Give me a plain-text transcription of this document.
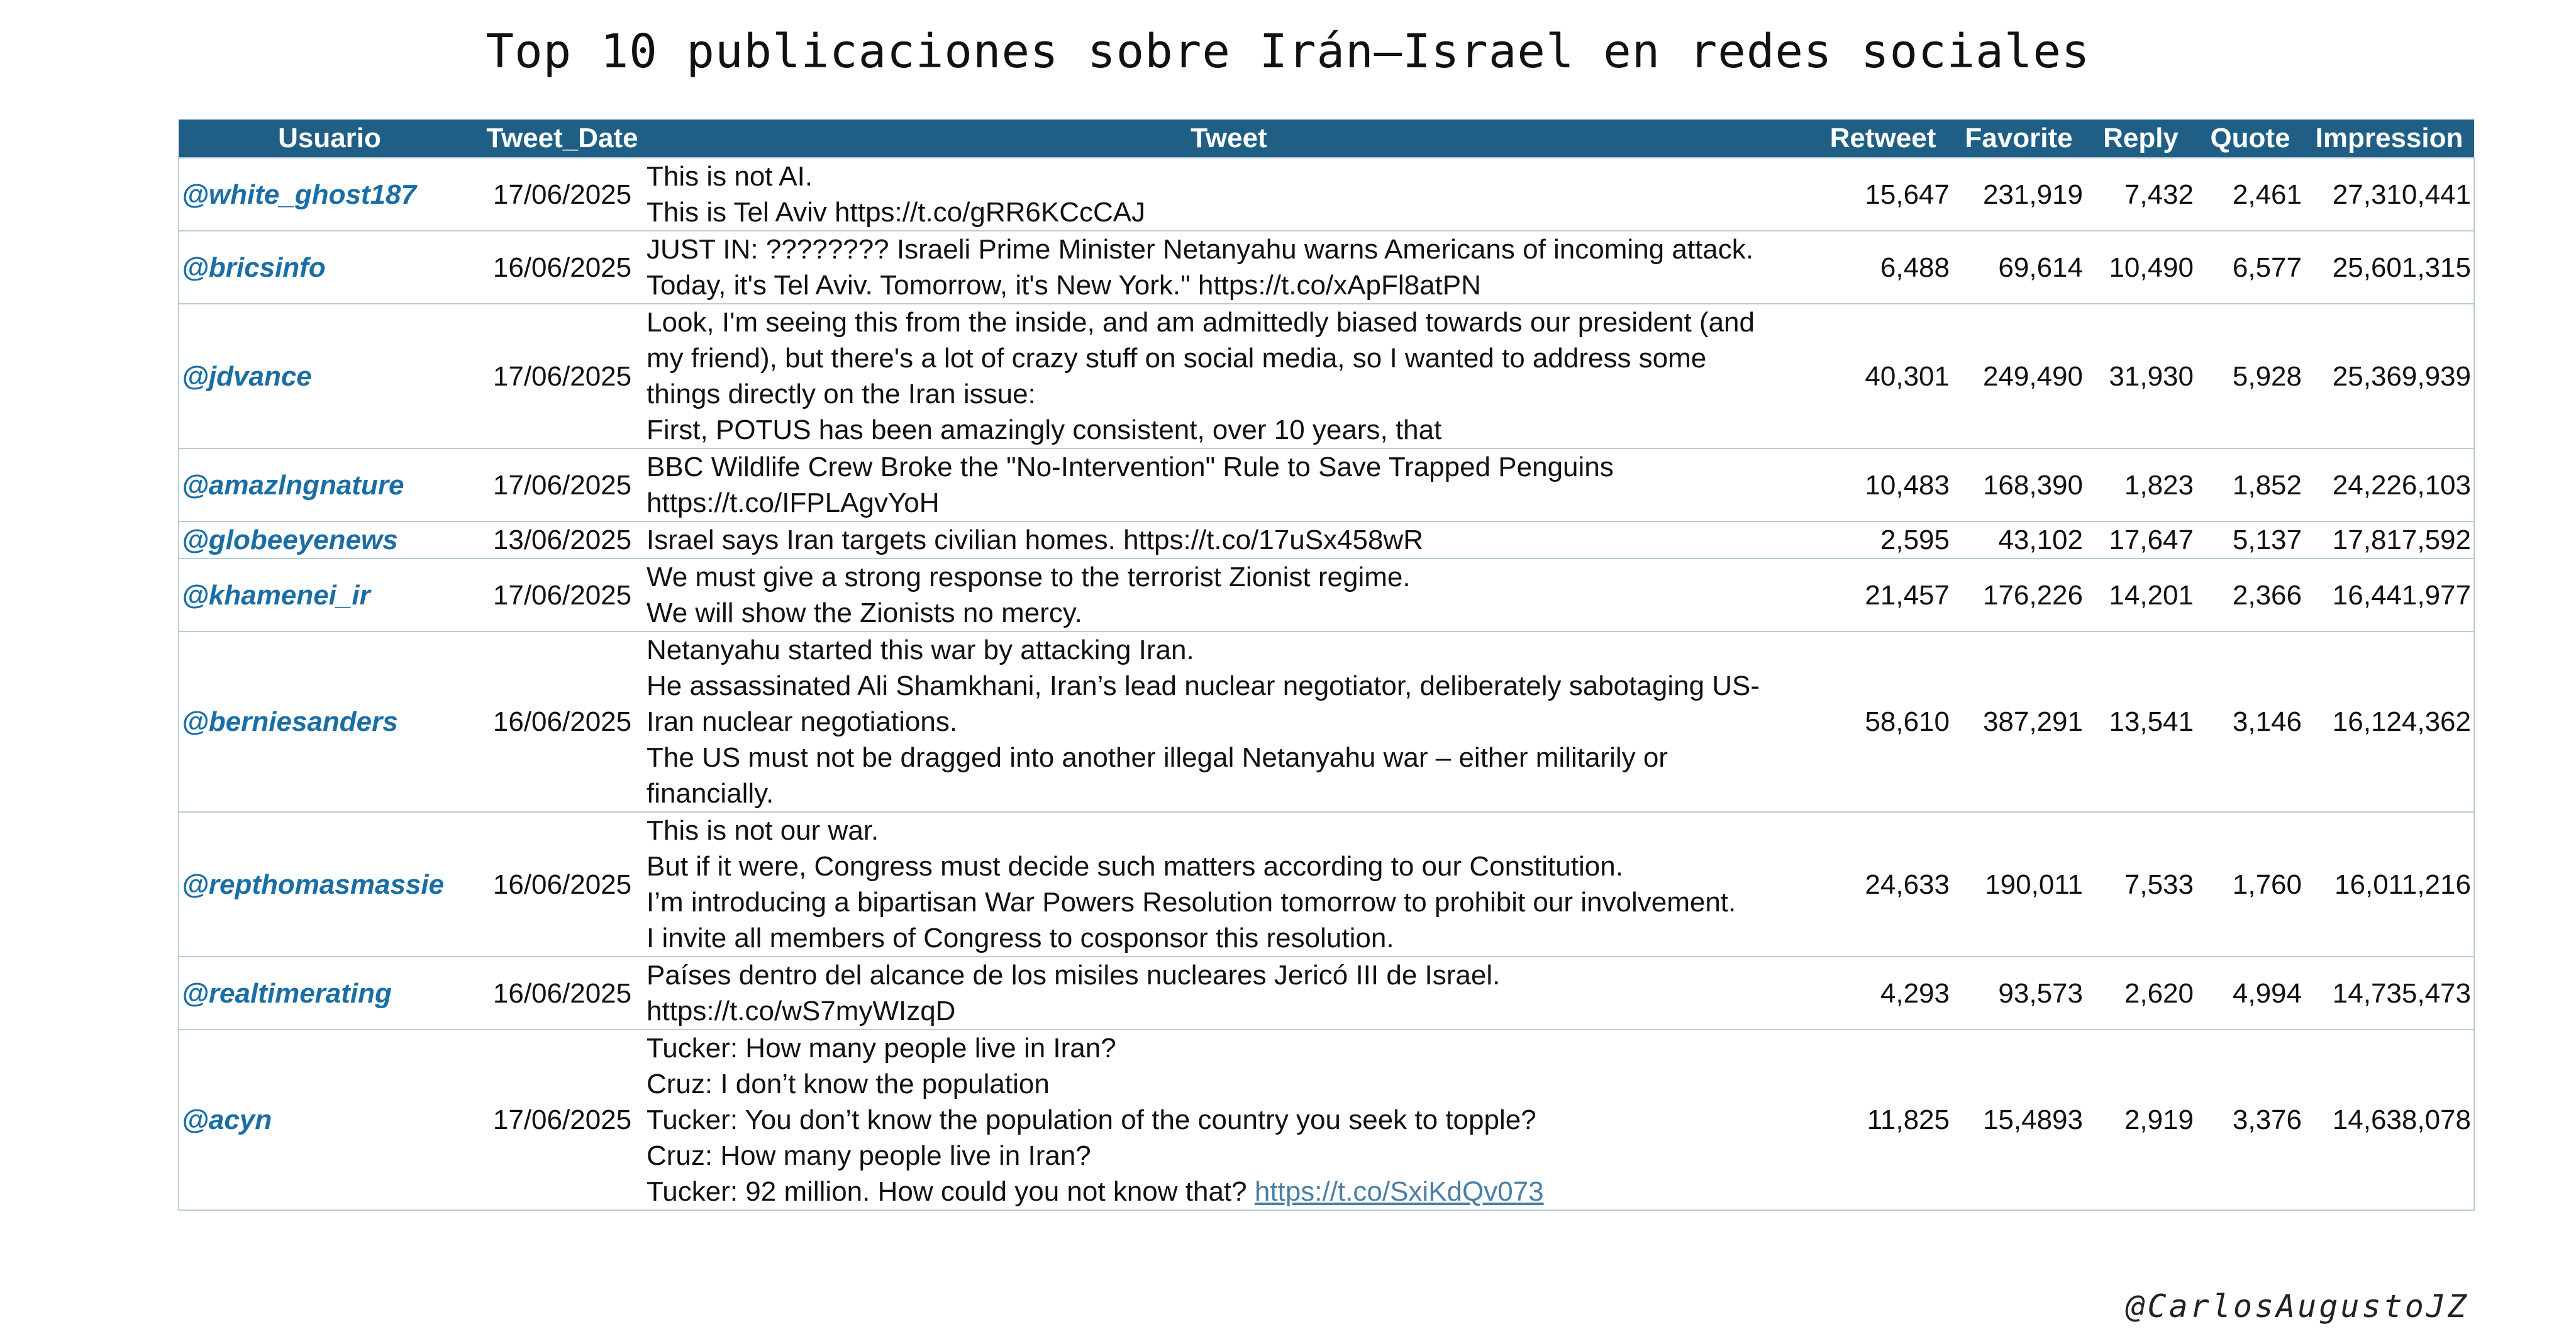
Top 10 publicaciones sobre Irán–Israel en redes sociales
Usuario	Tweet_Date	Tweet	Retweet	Favorite	Reply	Quote	Impression
@white_ghost187	17/06/2025	This is not AI.
This is Tel Aviv https://t.co/gRR6KCcCAJ	15,647	231,919	7,432	2,461	27,310,441
@bricsinfo	16/06/2025	JUST IN: ???????? Israeli Prime Minister Netanyahu warns Americans of incoming attack.
Today, it's Tel Aviv. Tomorrow, it's New York." https://t.co/xApFl8atPN	6,488	69,614	10,490	6,577	25,601,315
@jdvance	17/06/2025	Look, I'm seeing this from the inside, and am admittedly biased towards our president (and
my friend), but there's a lot of crazy stuff on social media, so I wanted to address some
things directly on the Iran issue:
First, POTUS has been amazingly consistent, over 10 years, that	40,301	249,490	31,930	5,928	25,369,939
@amazlngnature	17/06/2025	BBC Wildlife Crew Broke the "No-Intervention" Rule to Save Trapped Penguins
https://t.co/IFPLAgvYoH	10,483	168,390	1,823	1,852	24,226,103
@globeeyenews	13/06/2025	Israel says Iran targets civilian homes. https://t.co/17uSx458wR	2,595	43,102	17,647	5,137	17,817,592
@khamenei_ir	17/06/2025	We must give a strong response to the terrorist Zionist regime.
We will show the Zionists no mercy.	21,457	176,226	14,201	2,366	16,441,977
@berniesanders	16/06/2025	Netanyahu started this war by attacking Iran.
He assassinated Ali Shamkhani, Iran’s lead nuclear negotiator, deliberately sabotaging US-
Iran nuclear negotiations.
The US must not be dragged into another illegal Netanyahu war – either militarily or
financially.	58,610	387,291	13,541	3,146	16,124,362
@repthomasmassie	16/06/2025	This is not our war.
But if it were, Congress must decide such matters according to our Constitution.
I’m introducing a bipartisan War Powers Resolution tomorrow to prohibit our involvement.
I invite all members of Congress to cosponsor this resolution.	24,633	190,011	7,533	1,760	16,011,216
@realtimerating	16/06/2025	Países dentro del alcance de los misiles nucleares Jericó III de Israel.
https://t.co/wS7myWIzqD	4,293	93,573	2,620	4,994	14,735,473
@acyn	17/06/2025	Tucker: How many people live in Iran?
Cruz: I don’t know the population
Tucker: You don’t know the population of the country you seek to topple?
Cruz: How many people live in Iran?
Tucker: 92 million. How could you not know that? https://t.co/SxiKdQv073	11,825	15,4893	2,919	3,376	14,638,078
@CarlosAugustoJZ
